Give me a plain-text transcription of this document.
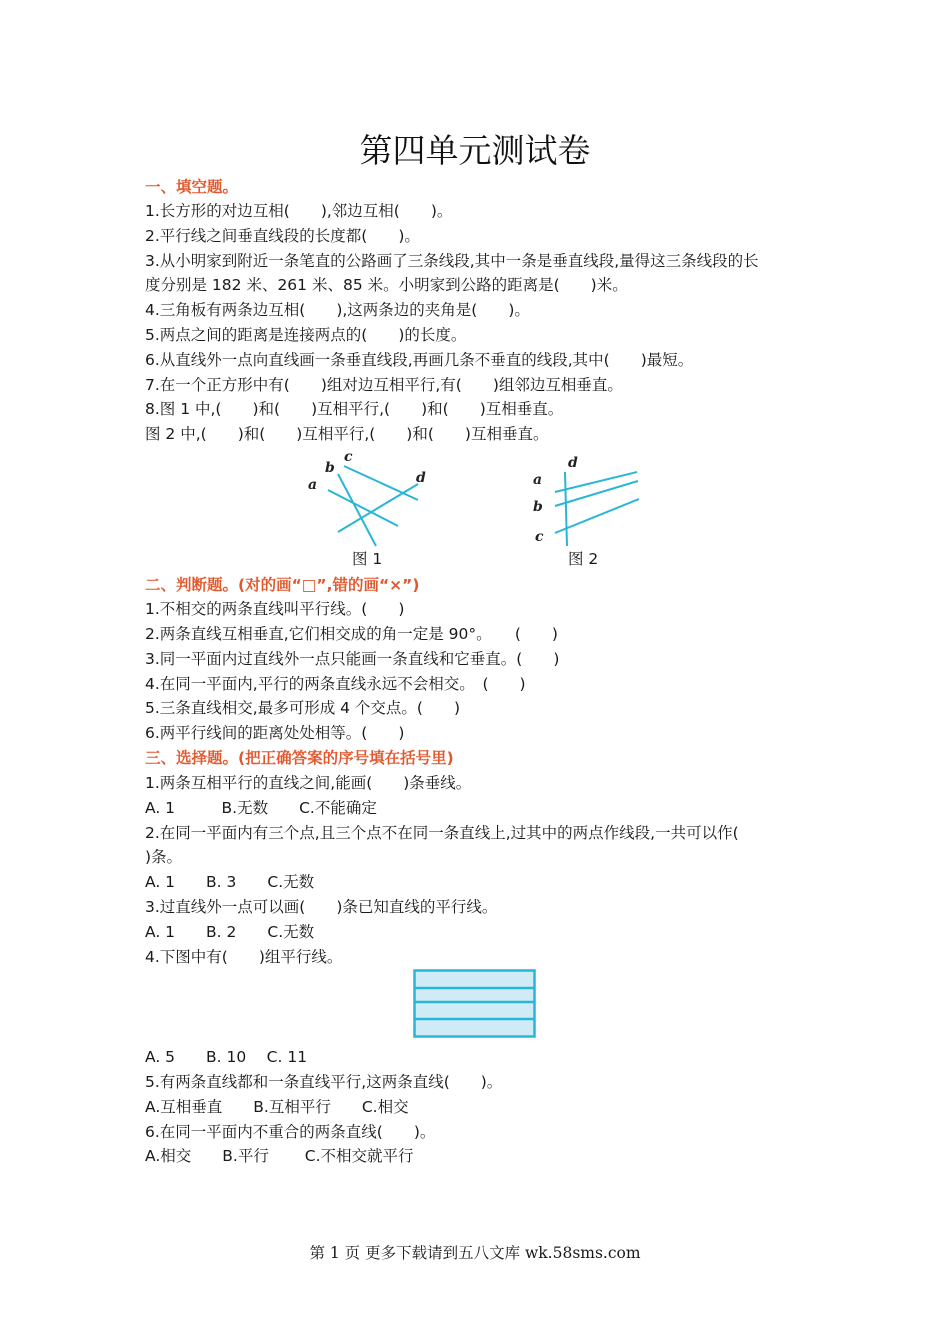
第四单元测试卷
一、填空题。
1.长方形的对边互相(　　),邻边互相(　　)。
2.平行线之间垂直线段的长度都(　　)。
3.从小明家到附近一条笔直的公路画了三条线段,其中一条是垂直线段,量得这三条线段的长
度分别是 182 米、261 米、85 米。小明家到公路的距离是(　　)米。
4.三角板有两条边互相(　　),这两条边的夹角是(　　)。
5.两点之间的距离是连接两点的(　　)的长度。
6.从直线外一点向直线画一条垂直线段,再画几条不垂直的线段,其中(　　)最短。
7.在一个正方形中有(　　)组对边互相平行,有(　　)组邻边互相垂直。
8.图 1 中,(　　)和(　　)互相平行,(　　)和(　　)互相垂直。
图 2 中,(　　)和(　　)互相平行,(　　)和(　　)互相垂直。
a
b
c
d
图 1
a
b
c
d
图 2
二、判断题。(对的画“□”,错的画“×”)
1.不相交的两条直线叫平行线。(　　)
2.两条直线互相垂直,它们相交成的角一定是 90°。　　(　　)
3.同一平面内过直线外一点只能画一条直线和它垂直。(　　)
4.在同一平面内,平行的两条直线永远不会相交。　(　　)
5.三条直线相交,最多可形成 4 个交点。(　　)
6.两平行线间的距离处处相等。(　　)
三、选择题。(把正确答案的序号填在括号里)
1.两条互相平行的直线之间,能画(　　)条垂线。
A. 1　　　B.无数　　C.不能确定
2.在同一平面内有三个点,且三个点不在同一条直线上,过其中的两点作线段,一共可以作(
)条。
A. 1　　B. 3　　C.无数
3.过直线外一点可以画(　　)条已知直线的平行线。
A. 1　　B. 2　　C.无数
4.下图中有(　　)组平行线。
A. 5　　B. 10　 C. 11
5.有两条直线都和一条直线平行,这两条直线(　　)。
A.互相垂直　　B.互相平行　　C.相交
6.在同一平面内不重合的两条直线(　　)。
A.相交　　B.平行　　 C.不相交就平行
第 1 页 更多下载请到五八文库 wk.58sms.com
